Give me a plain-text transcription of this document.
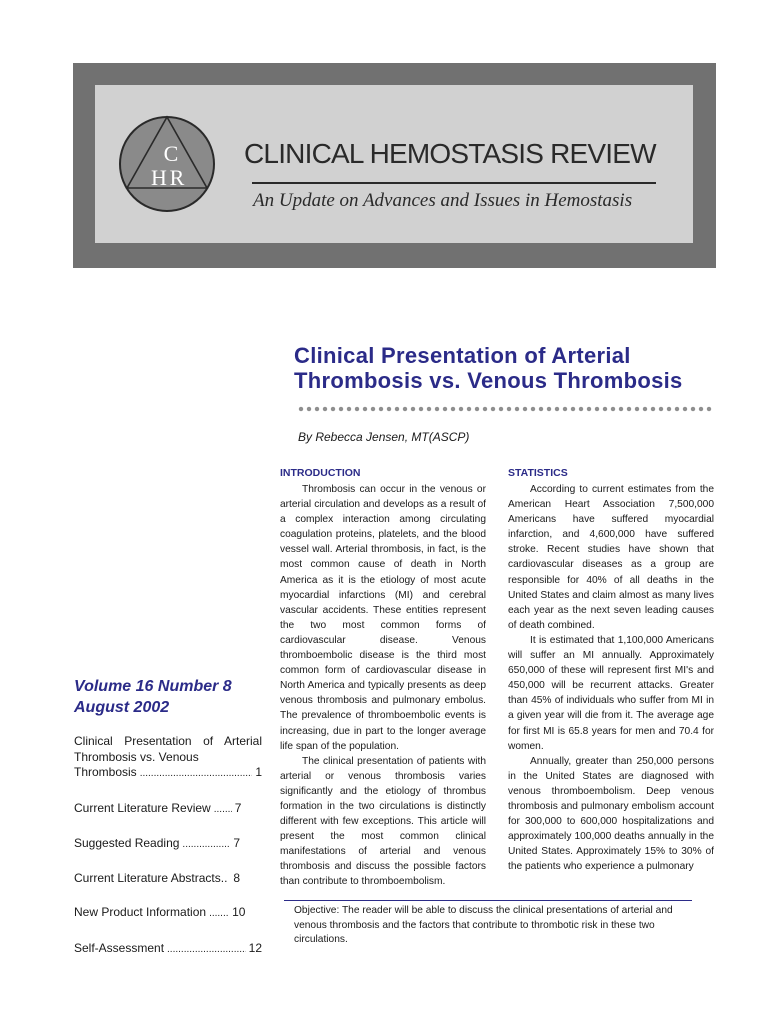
C
H R
CLINICAL HEMOSTASIS REVIEW
An Update on Advances and Issues in Hemostasis
Clinical Presentation of Arterial Thrombosis vs. Venous Thrombosis
By Rebecca Jensen, MT(ASCP)
Volume 16 Number 8
August 2002
Clinical Presentation of Arterial Thrombosis vs. Venous
Thrombosis .....	1
Current Literature Review ..... 7
Suggested Reading .....	7
Current Literature Abstracts.. 8
New Product Information ..... 10
Self-Assessment .....	12
INTRODUCTION

Thrombosis can occur in the venous or arterial circulation and develops as a result of a complex interaction among circulating coagulation proteins, platelets, and the blood vessel wall. Arterial thrombosis, in fact, is the most common cause of death in North America as it is the etiology of most acute myocardial infarctions (MI) and cerebral vascular accidents. These entities represent the two most common forms of cardiovascular disease. Venous thromboembolic disease is the third most common form of cardiovascular disease in North America and typically presents as deep venous thrombosis and pulmonary embolus. The prevalence of thromboembolic events is increasing, due in part to the longer average life span of the population.

The clinical presentation of patients with arterial or venous thrombosis varies significantly and the etiology of thrombus formation in the two circulations is distinctly different with few exceptions. This article will present the most common clinical manifestations of arterial and venous thrombosis and discuss the possible factors than contribute to thromboembolism.

STATISTICS

According to current estimates from the American Heart Association 7,500,000 Americans have suffered myocardial infarction, and 4,600,000 have suffered stroke. Recent studies have shown that cardiovascular diseases as a group are responsible for 40% of all deaths in the United States and claim almost as many lives each year as the next seven leading causes of death combined.

It is estimated that 1,100,000 Americans will suffer an MI annually. Approximately 650,000 of these will represent first MI's and 450,000 will be recurrent attacks. Greater than 45% of individuals who suffer from MI in a given year will die from it. The average age for first MI is 65.8 years for men and 70.4 for women.

Annually, greater than 250,000 persons in the United States are diagnosed with venous thromboembolism. Deep venous thrombosis and pulmonary embolism account for 300,000 to 600,000 hospitalizations and approximately 100,000 deaths annually in the United States. Approximately 15% to 30% of the patients who experience a pulmonary

Objective: The reader will be able to discuss the clinical presentations of arterial and venous thrombosis and the factors that contribute to thrombotic risk in these two circulations.
